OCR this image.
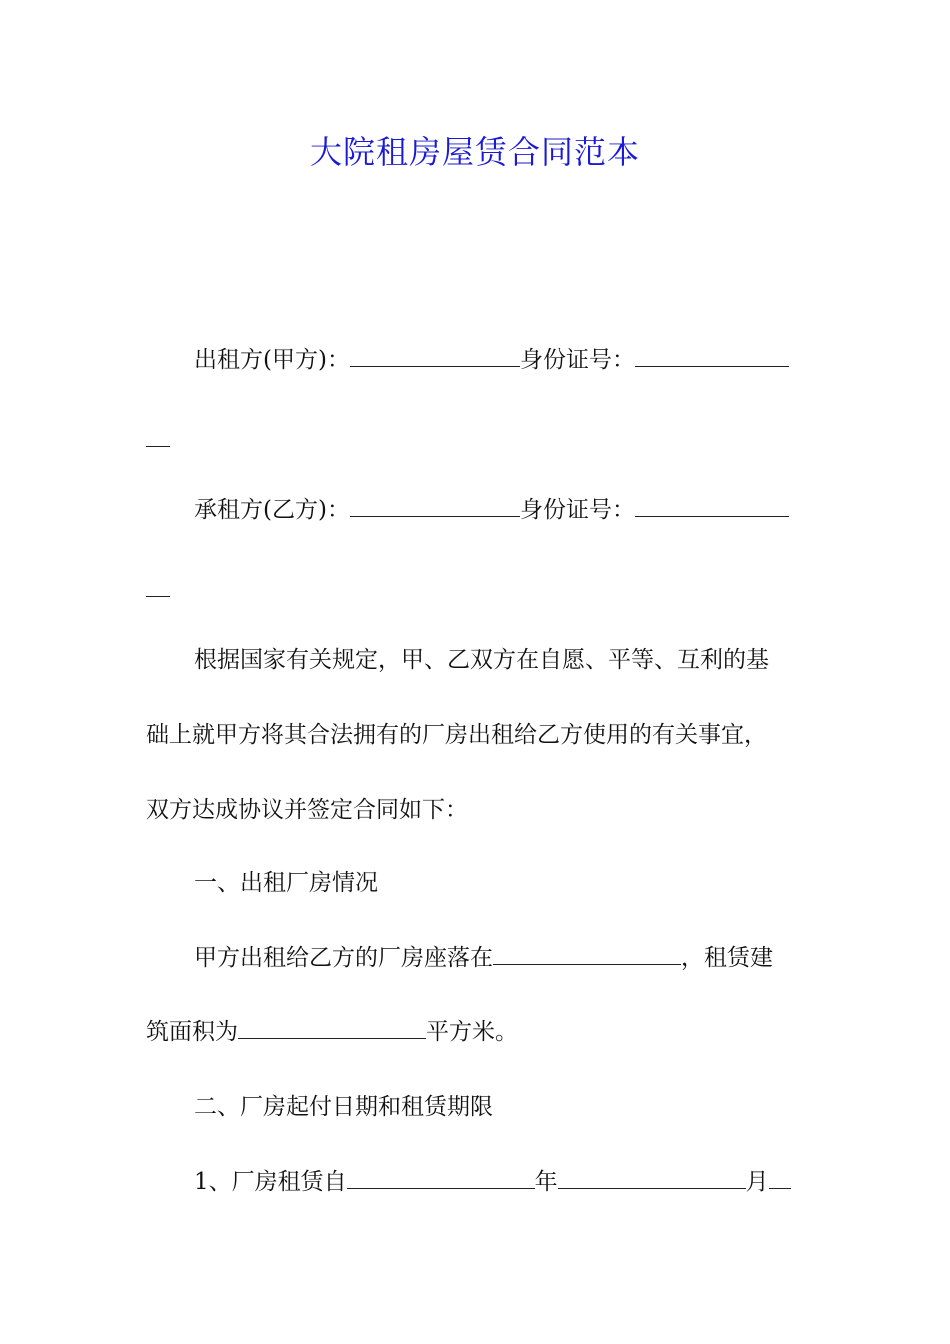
大院租房屋赁合同范本
出租方(甲方)：	身份证号：
承租方(乙方)：	身份证号：
根据国家有关规定，甲、乙双方在自愿、平等、互利的基
础上就甲方将其合法拥有的厂房出租给乙方使用的有关事宜，
双方达成协议并签定合同如下：
一、出租厂房情况
甲方出租给乙方的厂房座落在	，租赁建
筑面积为	平方米。
二、厂房起付日期和租赁期限
1、厂房租赁自	年	月
